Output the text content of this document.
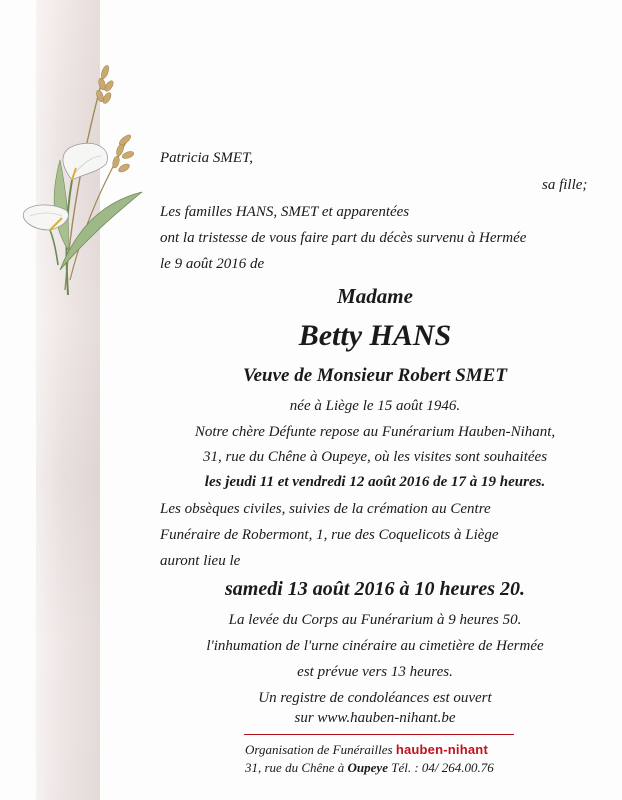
Patricia SMET,
sa fille;
Les familles HANS, SMET et apparentées
ont la tristesse de vous faire part du décès survenu à Hermée
le 9 août 2016 de
Madame
Betty HANS
Veuve de Monsieur Robert SMET
née à Liège le 15 août 1946.
Notre chère Défunte repose au Funérarium Hauben-Nihant,
31, rue du Chêne à Oupeye, où les visites sont souhaitées
les jeudi 11 et vendredi 12 août 2016 de 17 à 19 heures.
Les obsèques civiles, suivies de la crémation au Centre
Funéraire de Robermont, 1, rue des Coquelicots à Liège
auront lieu le
samedi 13 août 2016 à 10 heures 20.
La levée du Corps au Funérarium à 9 heures 50.
l'inhumation de l'urne cinéraire au cimetière de Hermée
est prévue vers 13 heures.
Un registre de condoléances est ouvert
sur www.hauben-nihant.be
Organisation de Funérailles hauben-nihant
31, rue du Chêne à Oupeye Tél. : 04/ 264.00.76
